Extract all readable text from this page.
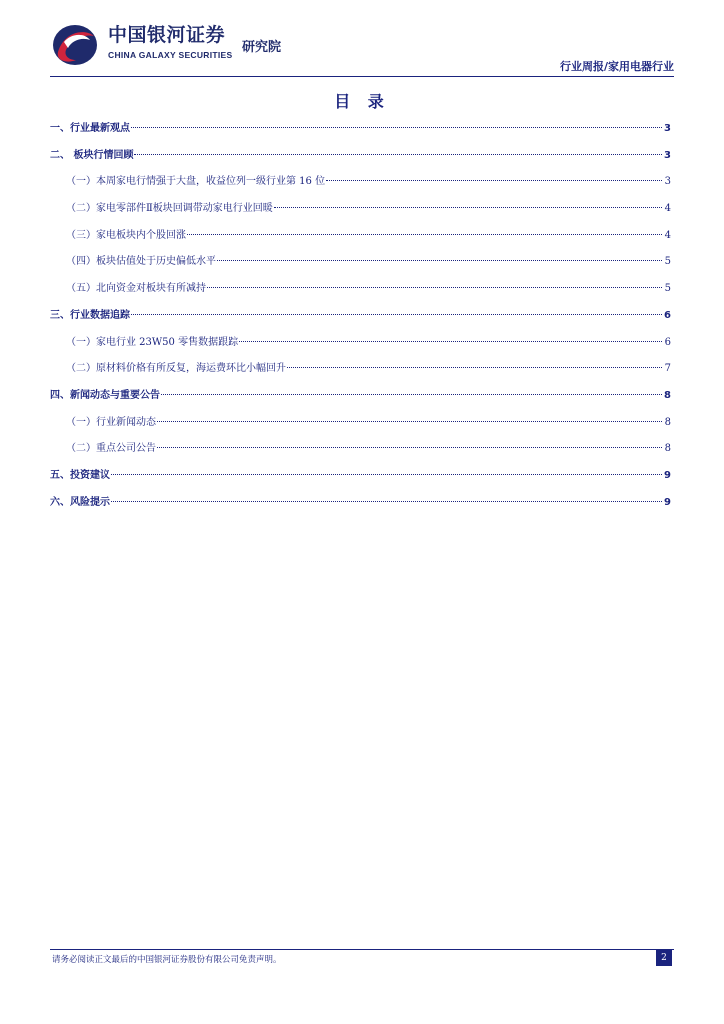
中国银河证券
CHINA GALAXY SECURITIES 研究院
行业周报/家用电器行业
目 录
一、行业最新观点	3
二、 板块行情回顾	3
（一）本周家电行情强于大盘，收益位列一级行业第 16 位	3
（二）家电零部件Ⅱ板块回调带动家电行业回暖	4
（三）家电板块内个股回涨	4
（四）板块估值处于历史偏低水平	5
（五）北向资金对板块有所减持	5
三、行业数据追踪	6
（一）家电行业 23W50 零售数据跟踪	6
（二）原材料价格有所反复，海运费环比小幅回升	7
四、新闻动态与重要公告	8
（一）行业新闻动态	8
（二）重点公司公告	8
五、投资建议	9
六、风险提示	9
请务必阅读正文最后的中国银河证券股份有限公司免责声明。	2
